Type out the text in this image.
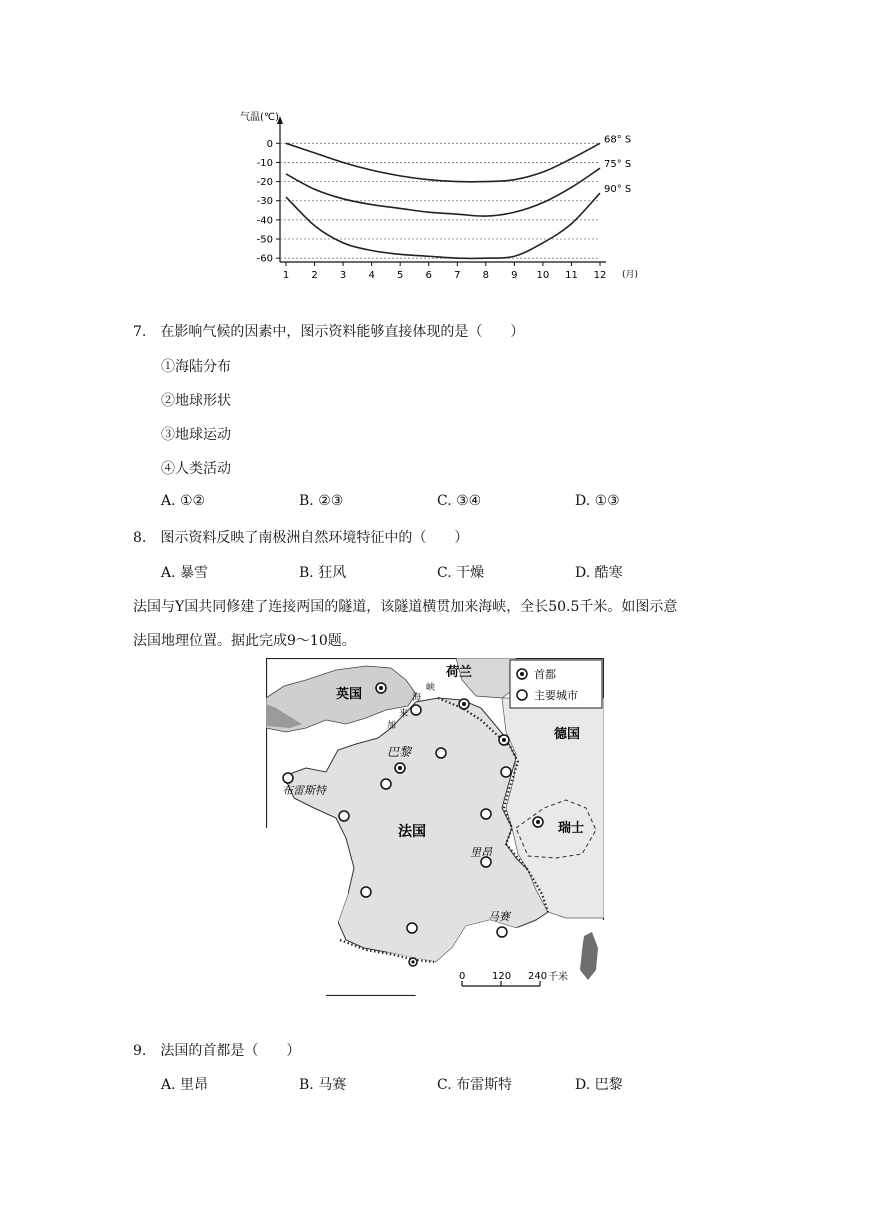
气温(℃)
(月)
0
-10
-20
-30
-40
-50
-60
1 2 3 4 5 6 7 8 9 10 11 12
68° S
75° S
90° S
7.　在影响气候的因素中，图示资料能够直接体现的是（　　）
①海陆分布
②地球形状
③地球运动
④人类活动
A. ①②	B. ②③	C. ③④	D. ①③
8.　图示资料反映了南极洲自然环境特征中的（　　）
A. 暴雪	B. 狂风	C. 干燥	D. 酷寒
法国与Y国共同修建了连接两国的隧道，该隧道横贯加来海峡，全长50.5千米。如图示意
法国地理位置。据此完成9～10题。
英国
荷兰
德国
瑞士
法国
巴黎
布雷斯特
里昂
马赛
海
峡
来
加
首都
主要城市
0	120 240 千米
9.　法国的首都是（　　）
A. 里昂	B. 马赛	C. 布雷斯特	D. 巴黎
